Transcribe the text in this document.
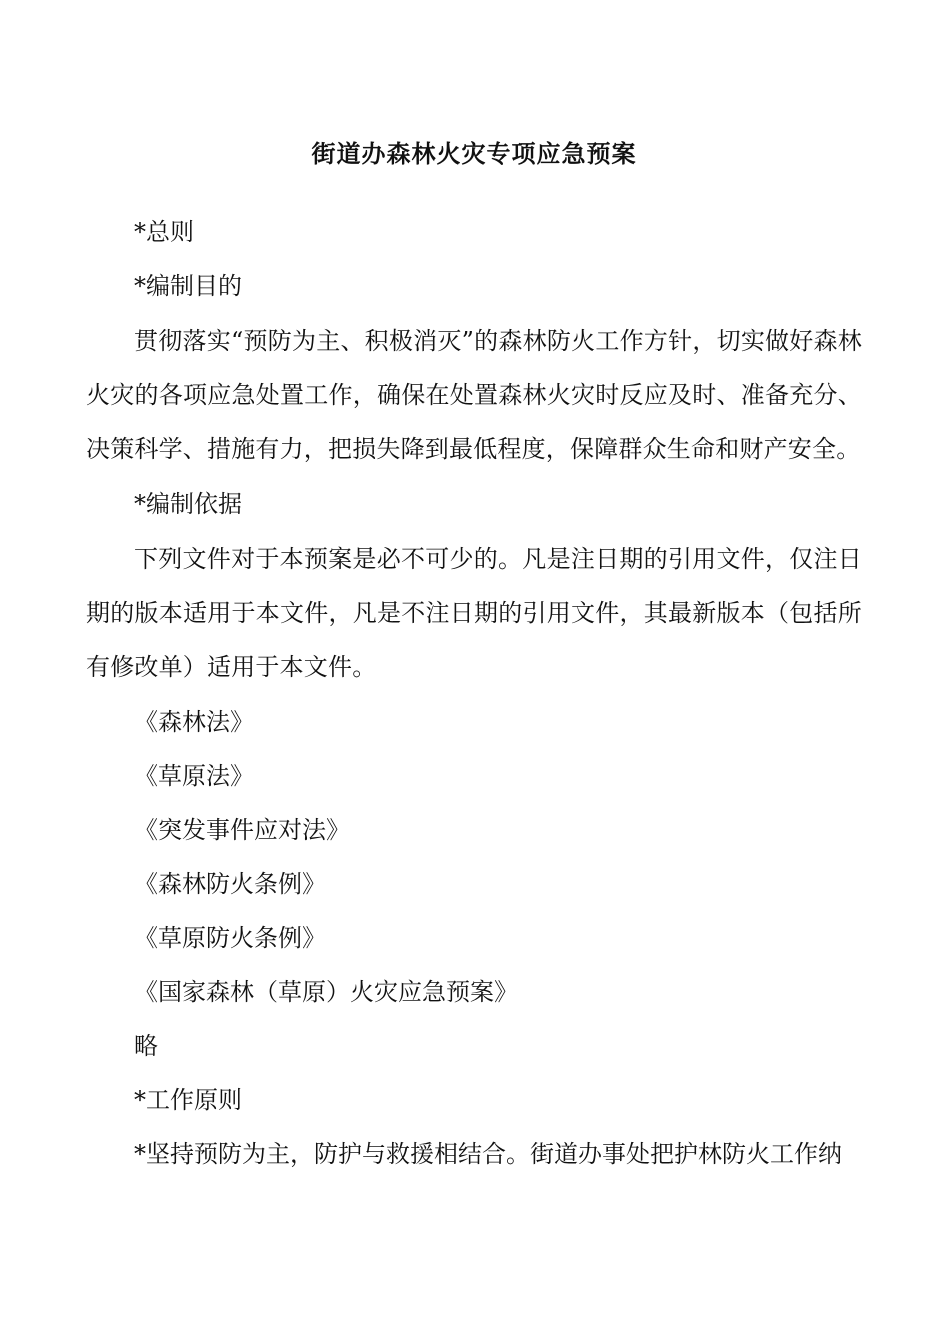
街道办森林火灾专项应急预案

*总则

*编制目的

贯彻落实“预防为主、积极消灭”的森林防火工作方针，切实做好森林火灾的各项应急处置工作，确保在处置森林火灾时反应及时、准备充分、决策科学、措施有力，把损失降到最低程度，保障群众生命和财产安全。

*编制依据

下列文件对于本预案是必不可少的。凡是注日期的引用文件，仅注日期的版本适用于本文件，凡是不注日期的引用文件，其最新版本（包括所有修改单）适用于本文件。

《森林法》

《草原法》

《突发事件应对法》

《森林防火条例》

《草原防火条例》

《国家森林（草原）火灾应急预案》

略

*工作原则

*坚持预防为主，防护与救援相结合。街道办事处把护林防火工作纳
